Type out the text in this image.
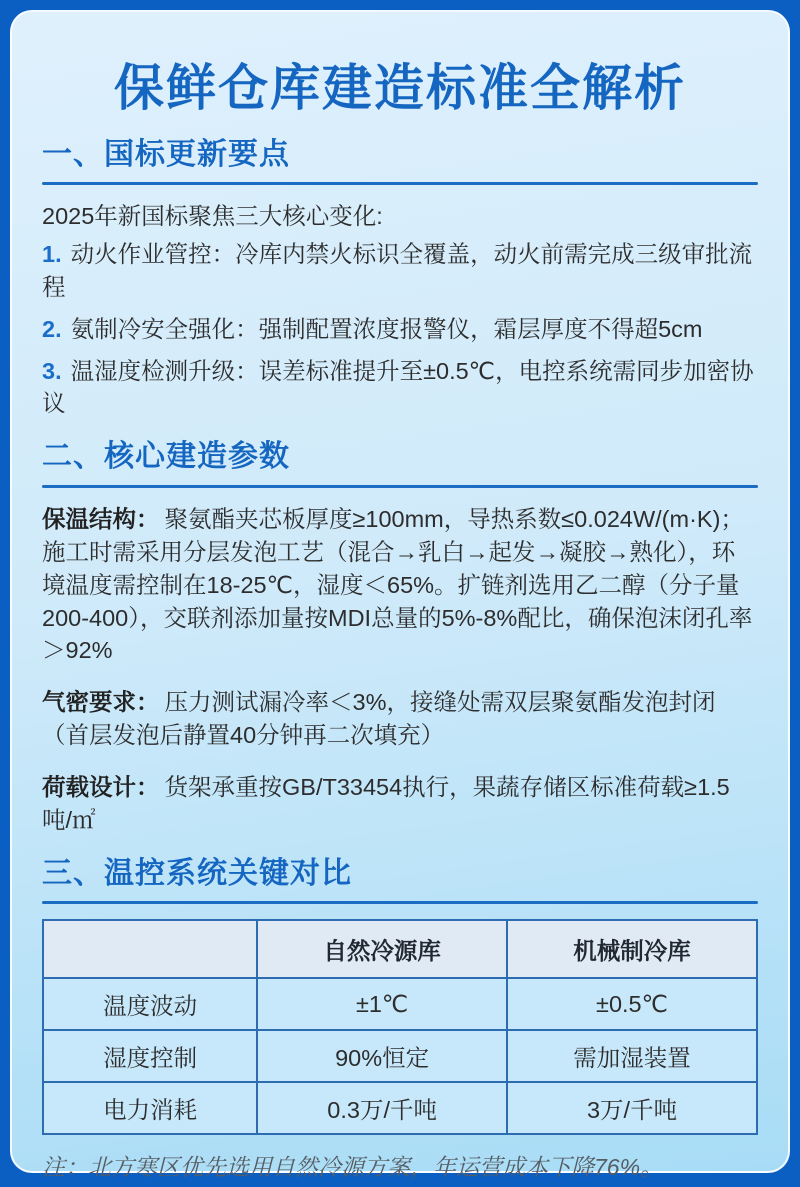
保鲜仓库建造标准全解析
一、国标更新要点

2025年新国标聚焦三大核心变化:

1. 动火作业管控：冷库内禁火标识全覆盖，动火前需完成三级审批流程

2. 氨制冷安全强化：强制配置浓度报警仪，霜层厚度不得超5cm

3. 温湿度检测升级：误差标准提升至±0.5℃，电控系统需同步加密协议

二、核心建造参数

保温结构： 聚氨酯夹芯板厚度≥100mm，导热系数≤0.024W/(m·K)；施工时需采用分层发泡工艺（混合→乳白→起发→凝胶→熟化），环境温度需控制在18-25℃，湿度＜65%。扩链剂选用乙二醇（分子量200-400），交联剂添加量按MDI总量的5%-8%配比，确保泡沫闭孔率＞92%

气密要求： 压力测试漏冷率＜3%，接缝处需双层聚氨酯发泡封闭（首层发泡后静置40分钟再二次填充）

荷载设计： 货架承重按GB/T33454执行，果蔬存储区标准荷载≥1.5吨/㎡

三、温控系统关键对比
	自然冷源库	机械制冷库
温度波动	±1℃	±0.5℃
湿度控制	90%恒定	需加湿装置
电力消耗	0.3万/千吨	3万/千吨

注：北方寒区优先选用自然冷源方案，年运营成本下降76%。
